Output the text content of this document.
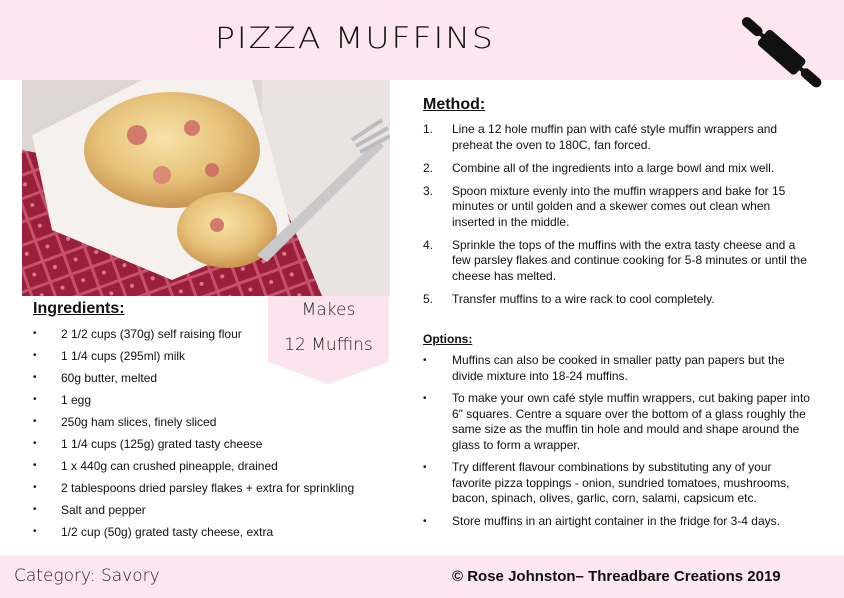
PIZZA MUFFINS
Makes
12 Muffins
Ingredients:
• 2 1/2 cups (370g) self raising flour
• 1 1/4 cups (295ml) milk
• 60g butter, melted
• 1 egg
• 250g ham slices, finely sliced
• 1 1/4 cups (125g) grated tasty cheese
• 1 x 440g can crushed pineapple, drained
• 2 tablespoons dried parsley flakes + extra for sprinkling
• Salt and pepper
• 1/2 cup (50g) grated tasty cheese, extra
Method:
1. Line a 12 hole muffin pan with café style muffin wrappers and preheat the oven to 180C, fan forced.
2. Combine all of the ingredients into a large bowl and mix well.
3. Spoon mixture evenly into the muffin wrappers and bake for 15 minutes or until golden and a skewer comes out clean when inserted in the middle.
4. Sprinkle the tops of the muffins with the extra tasty cheese and a few parsley flakes and continue cooking for 5-8 minutes or until the cheese has melted.
5. Transfer muffins to a wire rack to cool completely.
Options:
• Muffins can also be cooked in smaller patty pan papers but the divide mixture into 18-24 muffins.
• To make your own café style muffin wrappers, cut baking paper into 6" squares. Centre a square over the bottom of a glass roughly the same size as the muffin tin hole and mould and shape around the glass to form a wrapper.
• Try different flavour combinations by substituting any of your favorite pizza toppings - onion, sundried tomatoes, mushrooms, bacon, spinach, olives, garlic, corn, salami, capsicum etc.
• Store muffins in an airtight container in the fridge for 3-4 days.
Category: Savory	© Rose Johnston– Threadbare Creations 2019
